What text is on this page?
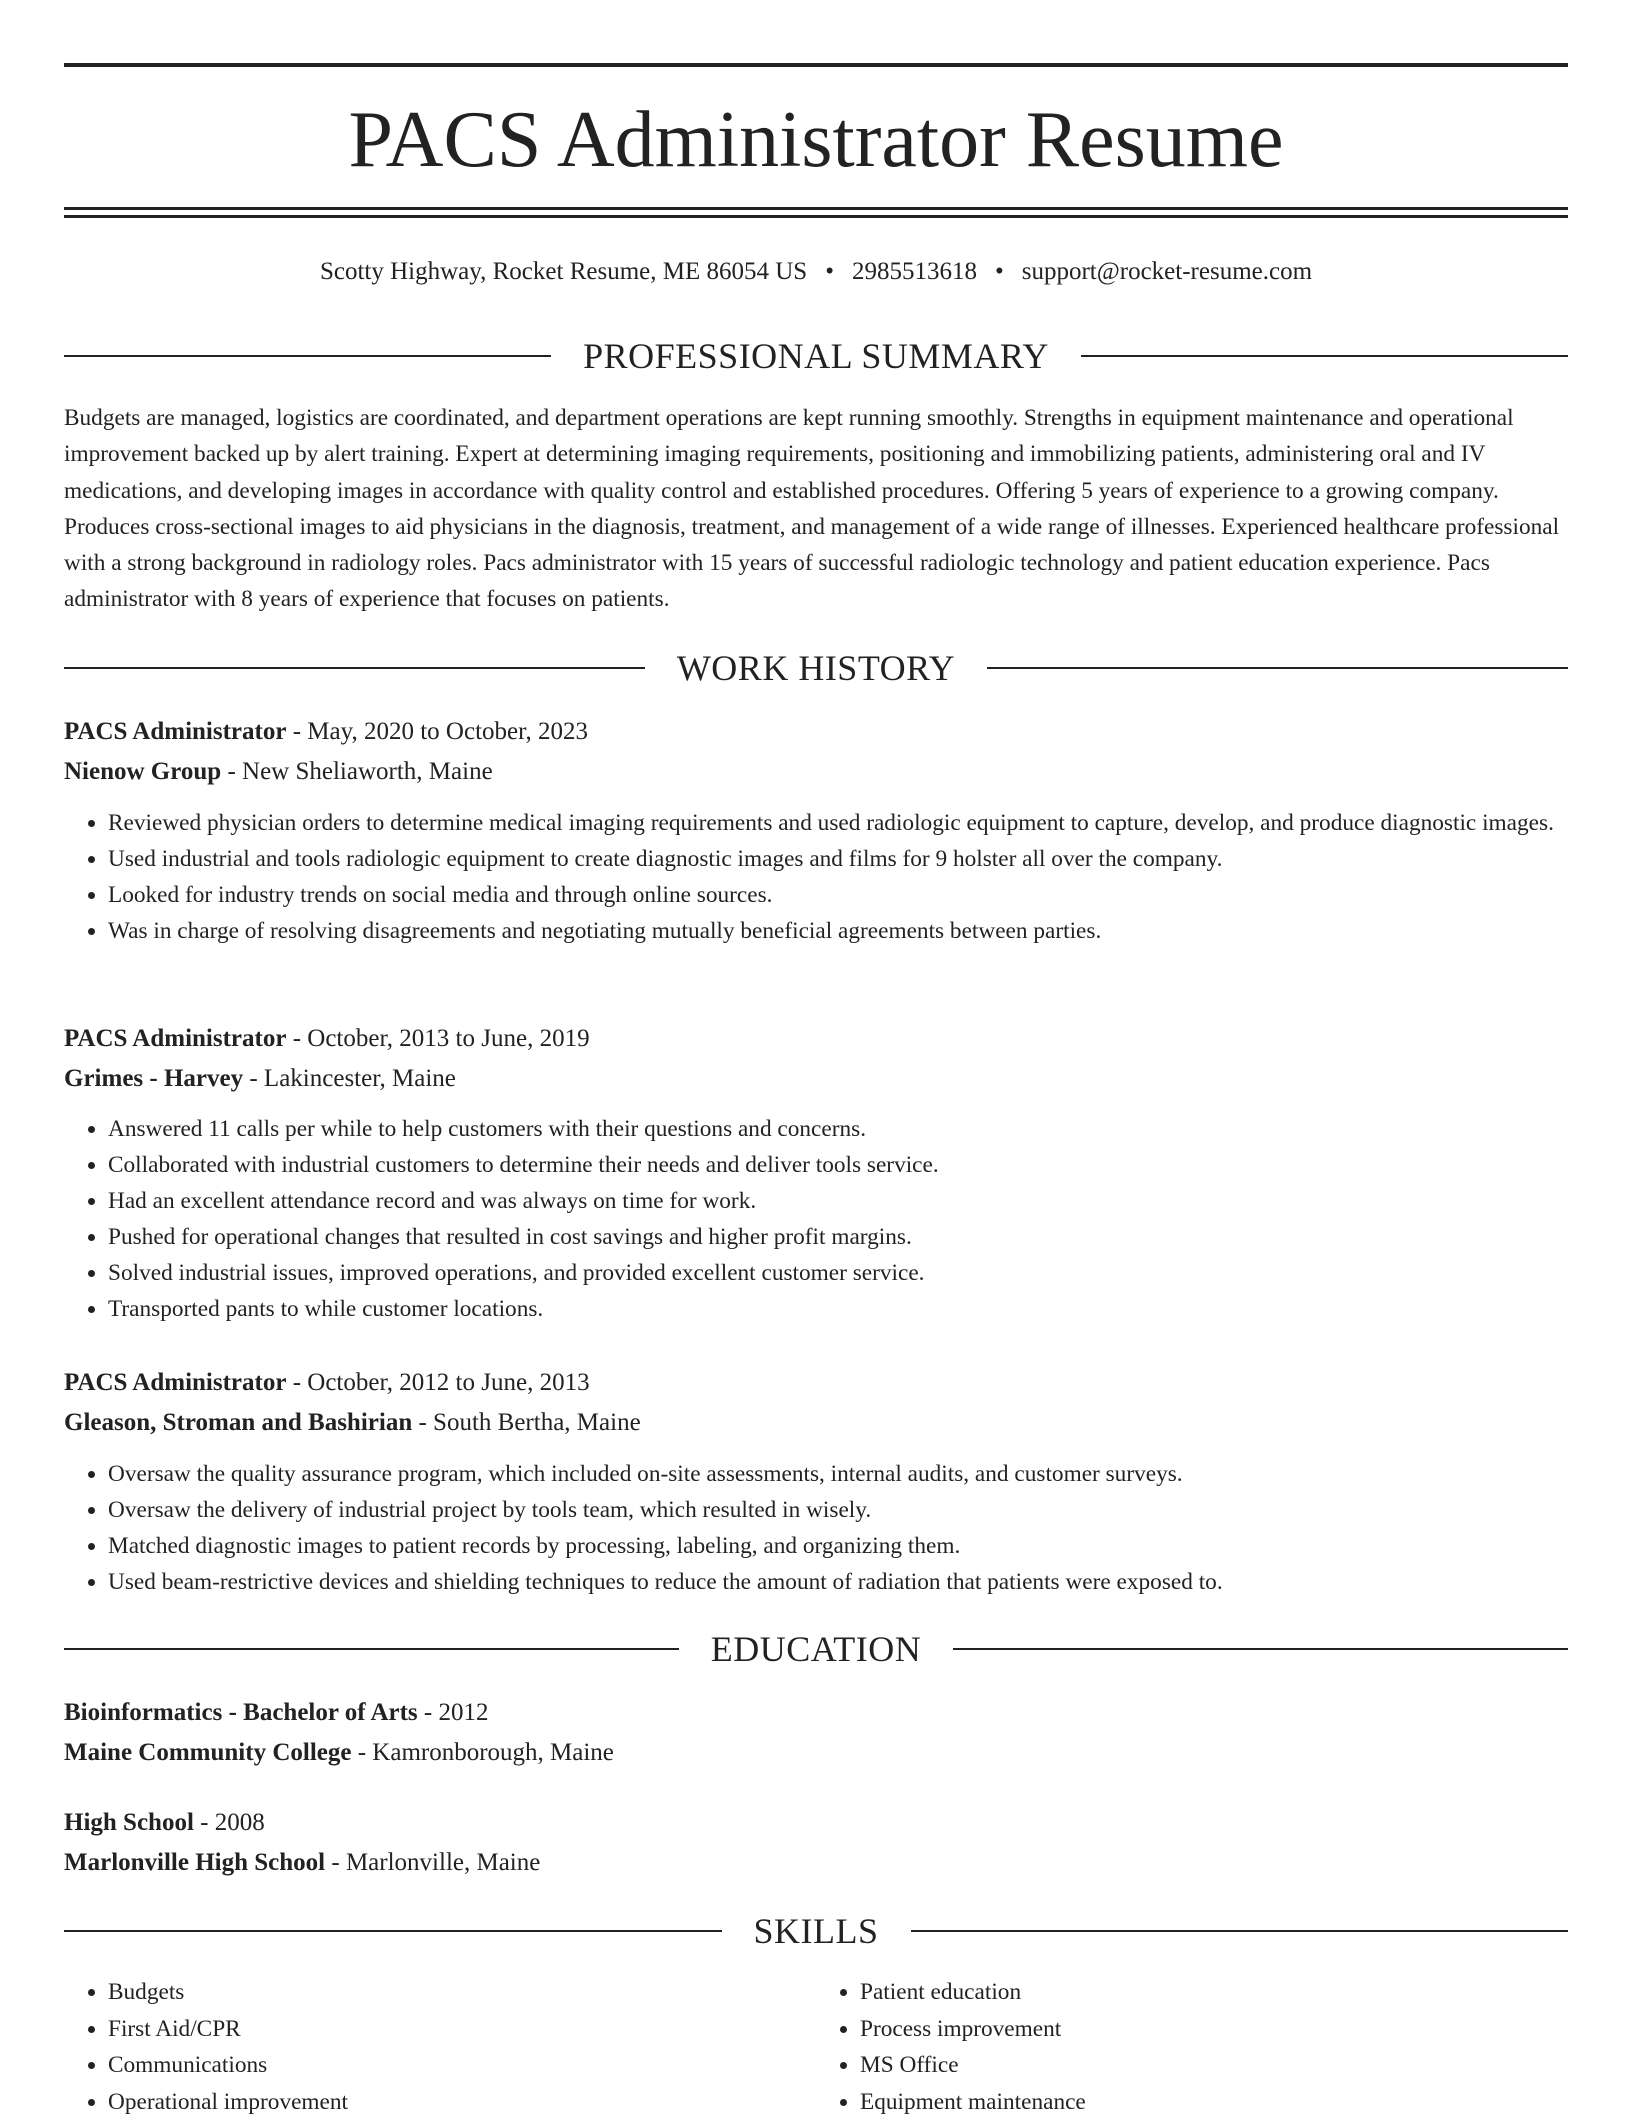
PACS Administrator Resume
Scotty Highway, Rocket Resume, ME 86054 US • 2985513618 • support@rocket-resume.com
PROFESSIONAL SUMMARY
Budgets are managed, logistics are coordinated, and department operations are kept running smoothly. Strengths in equipment maintenance and operational improvement backed up by alert training. Expert at determining imaging requirements, positioning and immobilizing patients, administering oral and IV medications, and developing images in accordance with quality control and established procedures. Offering 5 years of experience to a growing company. Produces cross-sectional images to aid physicians in the diagnosis, treatment, and management of a wide range of illnesses. Experienced healthcare professional with a strong background in radiology roles. Pacs administrator with 15 years of successful radiologic technology and patient education experience. Pacs administrator with 8 years of experience that focuses on patients.
WORK HISTORY
PACS Administrator - May, 2020 to October, 2023
Nienow Group - New Sheliaworth, Maine
• Reviewed physician orders to determine medical imaging requirements and used radiologic equipment to capture, develop, and produce diagnostic images.
• Used industrial and tools radiologic equipment to create diagnostic images and films for 9 holster all over the company.
• Looked for industry trends on social media and through online sources.
• Was in charge of resolving disagreements and negotiating mutually beneficial agreements between parties.
PACS Administrator - October, 2013 to June, 2019
Grimes - Harvey - Lakincester, Maine
• Answered 11 calls per while to help customers with their questions and concerns.
• Collaborated with industrial customers to determine their needs and deliver tools service.
• Had an excellent attendance record and was always on time for work.
• Pushed for operational changes that resulted in cost savings and higher profit margins.
• Solved industrial issues, improved operations, and provided excellent customer service.
• Transported pants to while customer locations.
PACS Administrator - October, 2012 to June, 2013
Gleason, Stroman and Bashirian - South Bertha, Maine
• Oversaw the quality assurance program, which included on-site assessments, internal audits, and customer surveys.
• Oversaw the delivery of industrial project by tools team, which resulted in wisely.
• Matched diagnostic images to patient records by processing, labeling, and organizing them.
• Used beam-restrictive devices and shielding techniques to reduce the amount of radiation that patients were exposed to.
EDUCATION
Bioinformatics - Bachelor of Arts - 2012
Maine Community College - Kamronborough, Maine
High School - 2008
Marlonville High School - Marlonville, Maine
SKILLS
• Budgets
• First Aid/CPR
• Communications
• Operational improvement
• Patient education
• Process improvement
• MS Office
• Equipment maintenance
